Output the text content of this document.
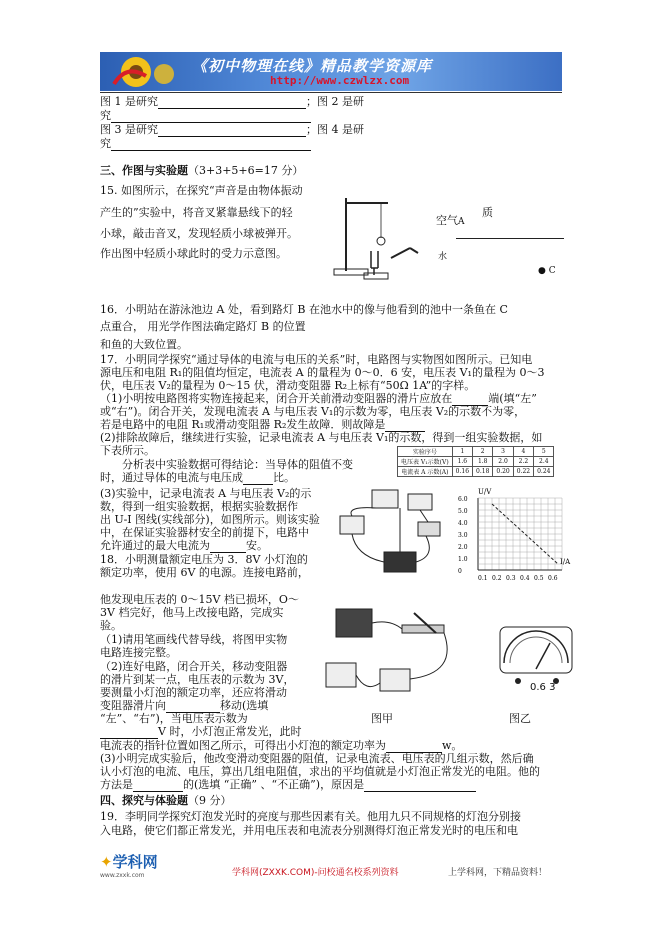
《初中物理在线》精品教学资源库
http://www.czwlzx.com
图 1 是研究	；图 2 是研
究
图 3 是研究	；图 4 是研
究
三、作图与实验题（3+3+5+6=17 分）
15. 如图所示，在探究“声音是由物体振动
产生的”实验中，将音叉紧靠悬线下的轻
小球，敲击音叉，发现轻质小球被弹开。
作出图中轻质小球此时的受力示意图。
空气A
质
水
● C
16．小明站在游泳池边 A 处，看到路灯 B 在池水中的像与他看到的池中一条鱼在 C
点重合， 用光学作图法确定路灯 B 的位置
和鱼的大致位置。
17．小明同学探究“通过导体的电流与电压的关系”时，电路图与实物图如图所示。已知电
源电压和电阻 R₁的阻值均恒定，电流表 A 的量程为 0～0．6 安，电压表 V₁的量程为 0～3
伏，电压表 V₂的量程为 0～15 伏，滑动变阻器 R₂上标有“50Ω 1A”的字样。
（1)小明按电路图将实物连接起来，闭合开关前滑动变阻器的滑片应放在	端(填“左”
或“右”)。闭合开关，发现电流表 A 与电压表 V₁的示数为零，电压表 V₂的示数不为零，
若是电路中的电阻 R₁或滑动变阻器 R₂发生故障．则故障是
(2)排除故障后，继续进行实验，记录电流表 A 与电压表 V₁的示数，得到一组实验数据，如
下表所示。
分析表中实验数据可得结论：当导体的阻值不变
时，通过导体的电流与电压成	比。
实验序号	1	2	3	4	5
电压表 V₁示数(V)	1.6	1.8	2.0	2.2	2.4
电流表 A 示数(A)	0.16	0.18	0.20	0.22	0.24
(3)实验中，记录电流表 A 与电压表 V₂的示
数，得到一组实验数据，根据实验数据作
出 U-I 图线(实线部分)，如图所示。则该实验
中，在保证实验器材安全的前提下，电路中
允许通过的最大电流为	安。
U/V
I/A
6.0
5.0
4.0
3.0
2.0
1.0
0
0.1 0.2 0.3 0.4 0.5 0.6
18．小明测量额定电压为 3．8V 小灯泡的
额定功率，使用 6V 的电源。连接电路前，
他发现电压表的 0～15V 档已损坏，O～
3V 档完好，他马上改接电路，完成实
验。
（1)请用笔画线代替导线，将图甲实物
电路连接完整。
（2)连好电路，闭合开关，移动变阻器
的滑片到某一点，电压表的示数为 3V，
要测量小灯泡的额定功率，还应将滑动
变阻器滑片向	移动(选填
“左”、“右”)，当电压表示数为
V 时，小灯泡正常发光，此时
电流表的指针位置如图乙所示，可得出小灯泡的额定功率为	w。
(3)小明完成实验后，他改变滑动变阻器的阻值，记录电流表、电压表的几组示数，然后确
认小灯泡的电流、电压，算出几组电阻值，求出的平均值就是小灯泡正常发光的电阻。他的
方法是	的(选填 “正确” 、“不正确”)，原因是
图甲
0.6 3
图乙
四、探究与体验题（9 分）
19．李明同学探究灯泡发光时的亮度与那些因素有关。他用九只不同规格的灯泡分别接
入电路，使它们都正常发光，并用电压表和电流表分别测得灯泡正常发光时的电压和电
✦学科网
www.zxxk.com	学科网(ZXXK.COM)-问校通名校系列资料	上学科网，下精品资料！
